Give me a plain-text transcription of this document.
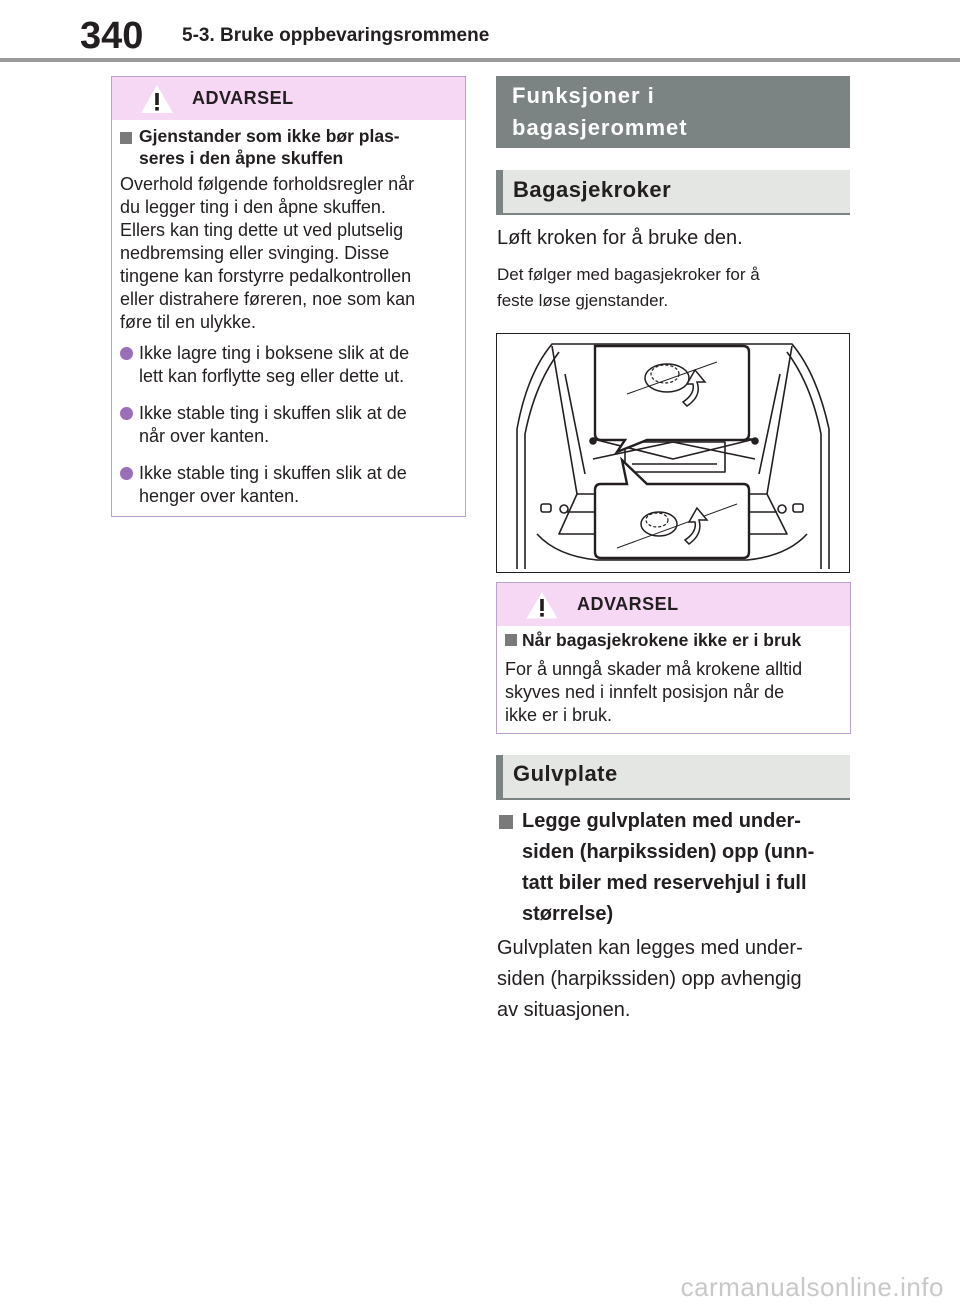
340 5-3. Bruke oppbevaringsrommene
ADVARSEL
Gjenstander som ikke bør plas-
seres i den åpne skuffen
Overhold følgende forholdsregler når
du legger ting i den åpne skuffen.
Ellers kan ting dette ut ved plutselig
nedbremsing eller svinging. Disse
tingene kan forstyrre pedalkontrollen
eller distrahere føreren, noe som kan
føre til en ulykke.
Ikke lagre ting i boksene slik at de
lett kan forflytte seg eller dette ut.
Ikke stable ting i skuffen slik at de
når over kanten.
Ikke stable ting i skuffen slik at de
henger over kanten.
Funksjoner i
bagasjerommet
Bagasjekroker
Løft kroken for å bruke den.
Det følger med bagasjekroker for å
feste løse gjenstander.
ADVARSEL
Når bagasjekrokene ikke er i bruk
For å unngå skader må krokene alltid
skyves ned i innfelt posisjon når de
ikke er i bruk.
Gulvplate
Legge gulvplaten med under-
siden (harpikssiden) opp (unn-
tatt biler med reservehjul i full
størrelse)
Gulvplaten kan legges med under-
siden (harpikssiden) opp avhengig
av situasjonen.
carmanualsonline.info
